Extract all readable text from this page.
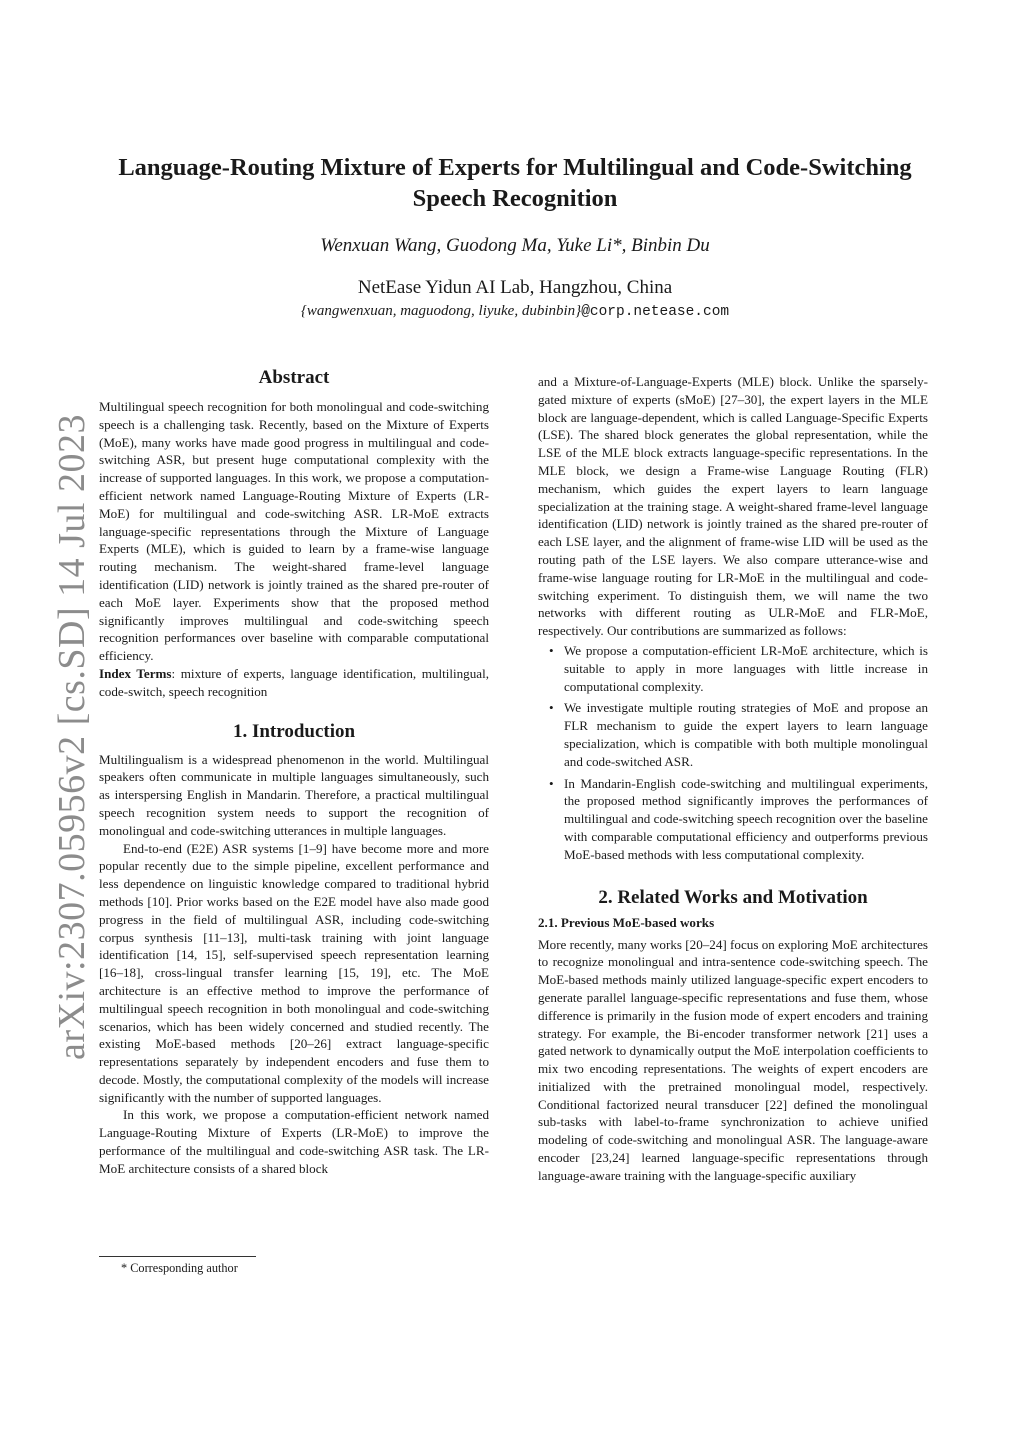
arXiv:2307.05956v2 [cs.SD] 14 Jul 2023
Language-Routing Mixture of Experts for Multilingual and Code-Switching
Speech Recognition
Wenxuan Wang, Guodong Ma, Yuke Li*, Binbin Du
NetEase Yidun AI Lab, Hangzhou, China
{wangwenxuan, maguodong, liyuke, dubinbin}@corp.netease.com
Abstract

Multilingual speech recognition for both monolingual and code-switching speech is a challenging task. Recently, based on the Mixture of Experts (MoE), many works have made good progress in multilingual and code-switching ASR, but present huge computational complexity with the increase of supported languages. In this work, we propose a computation-efficient network named Language-Routing Mixture of Experts (LR-MoE) for multilingual and code-switching ASR. LR-MoE extracts language-specific representations through the Mixture of Language Experts (MLE), which is guided to learn by a frame-wise language routing mechanism. The weight-shared frame-level language identification (LID) network is jointly trained as the shared pre-router of each MoE layer. Experiments show that the proposed method significantly improves multilingual and code-switching speech recognition performances over baseline with comparable computational efficiency.

Index Terms: mixture of experts, language identification, multilingual, code-switch, speech recognition

1. Introduction

Multilingualism is a widespread phenomenon in the world. Multilingual speakers often communicate in multiple languages simultaneously, such as interspersing English in Mandarin. Therefore, a practical multilingual speech recognition system needs to support the recognition of monolingual and code-switching utterances in multiple languages.

End-to-end (E2E) ASR systems [1–9] have become more and more popular recently due to the simple pipeline, excellent performance and less dependence on linguistic knowledge compared to traditional hybrid methods [10]. Prior works based on the E2E model have also made good progress in the field of multilingual ASR, including code-switching corpus synthesis [11–13], multi-task training with joint language identification [14, 15], self-supervised speech representation learning [16–18], cross-lingual transfer learning [15, 19], etc. The MoE architecture is an effective method to improve the performance of multilingual speech recognition in both monolingual and code-switching scenarios, which has been widely concerned and studied recently. The existing MoE-based methods [20–26] extract language-specific representations separately by independent encoders and fuse them to decode. Mostly, the computational complexity of the models will increase significantly with the number of supported languages.

In this work, we propose a computation-efficient network named Language-Routing Mixture of Experts (LR-MoE) to improve the performance of the multilingual and code-switching ASR task. The LR-MoE architecture consists of a shared block

and a Mixture-of-Language-Experts (MLE) block. Unlike the sparsely-gated mixture of experts (sMoE) [27–30], the expert layers in the MLE block are language-dependent, which is called Language-Specific Experts (LSE). The shared block generates the global representation, while the LSE of the MLE block extracts language-specific representations. In the MLE block, we design a Frame-wise Language Routing (FLR) mechanism, which guides the expert layers to learn language specialization at the training stage. A weight-shared frame-level language identification (LID) network is jointly trained as the shared pre-router of each LSE layer, and the alignment of frame-wise LID will be used as the routing path of the LSE layers. We also compare utterance-wise and frame-wise language routing for LR-MoE in the multilingual and code-switching experiment. To distinguish them, we will name the two networks with different routing as ULR-MoE and FLR-MoE, respectively. Our contributions are summarized as follows:

• We propose a computation-efficient LR-MoE architecture, which is suitable to apply in more languages with little increase in computational complexity.
• We investigate multiple routing strategies of MoE and propose an FLR mechanism to guide the expert layers to learn language specialization, which is compatible with both multiple monolingual and code-switched ASR.
• In Mandarin-English code-switching and multilingual experiments, the proposed method significantly improves the performances of multilingual and code-switching speech recognition over the baseline with comparable computational efficiency and outperforms previous MoE-based methods with less computational complexity.
2. Related Works and Motivation
2.1. Previous MoE-based works

More recently, many works [20–24] focus on exploring MoE architectures to recognize monolingual and intra-sentence code-switching speech. The MoE-based methods mainly utilized language-specific expert encoders to generate parallel language-specific representations and fuse them, whose difference is primarily in the fusion mode of expert encoders and training strategy. For example, the Bi-encoder transformer network [21] uses a gated network to dynamically output the MoE interpolation coefficients to mix two encoding representations. The weights of expert encoders are initialized with the pretrained monolingual model, respectively. Conditional factorized neural transducer [22] defined the monolingual sub-tasks with label-to-frame synchronization to achieve unified modeling of code-switching and monolingual ASR. The language-aware encoder [23,24] learned language-specific representations through language-aware training with the language-specific auxiliary

* Corresponding author
